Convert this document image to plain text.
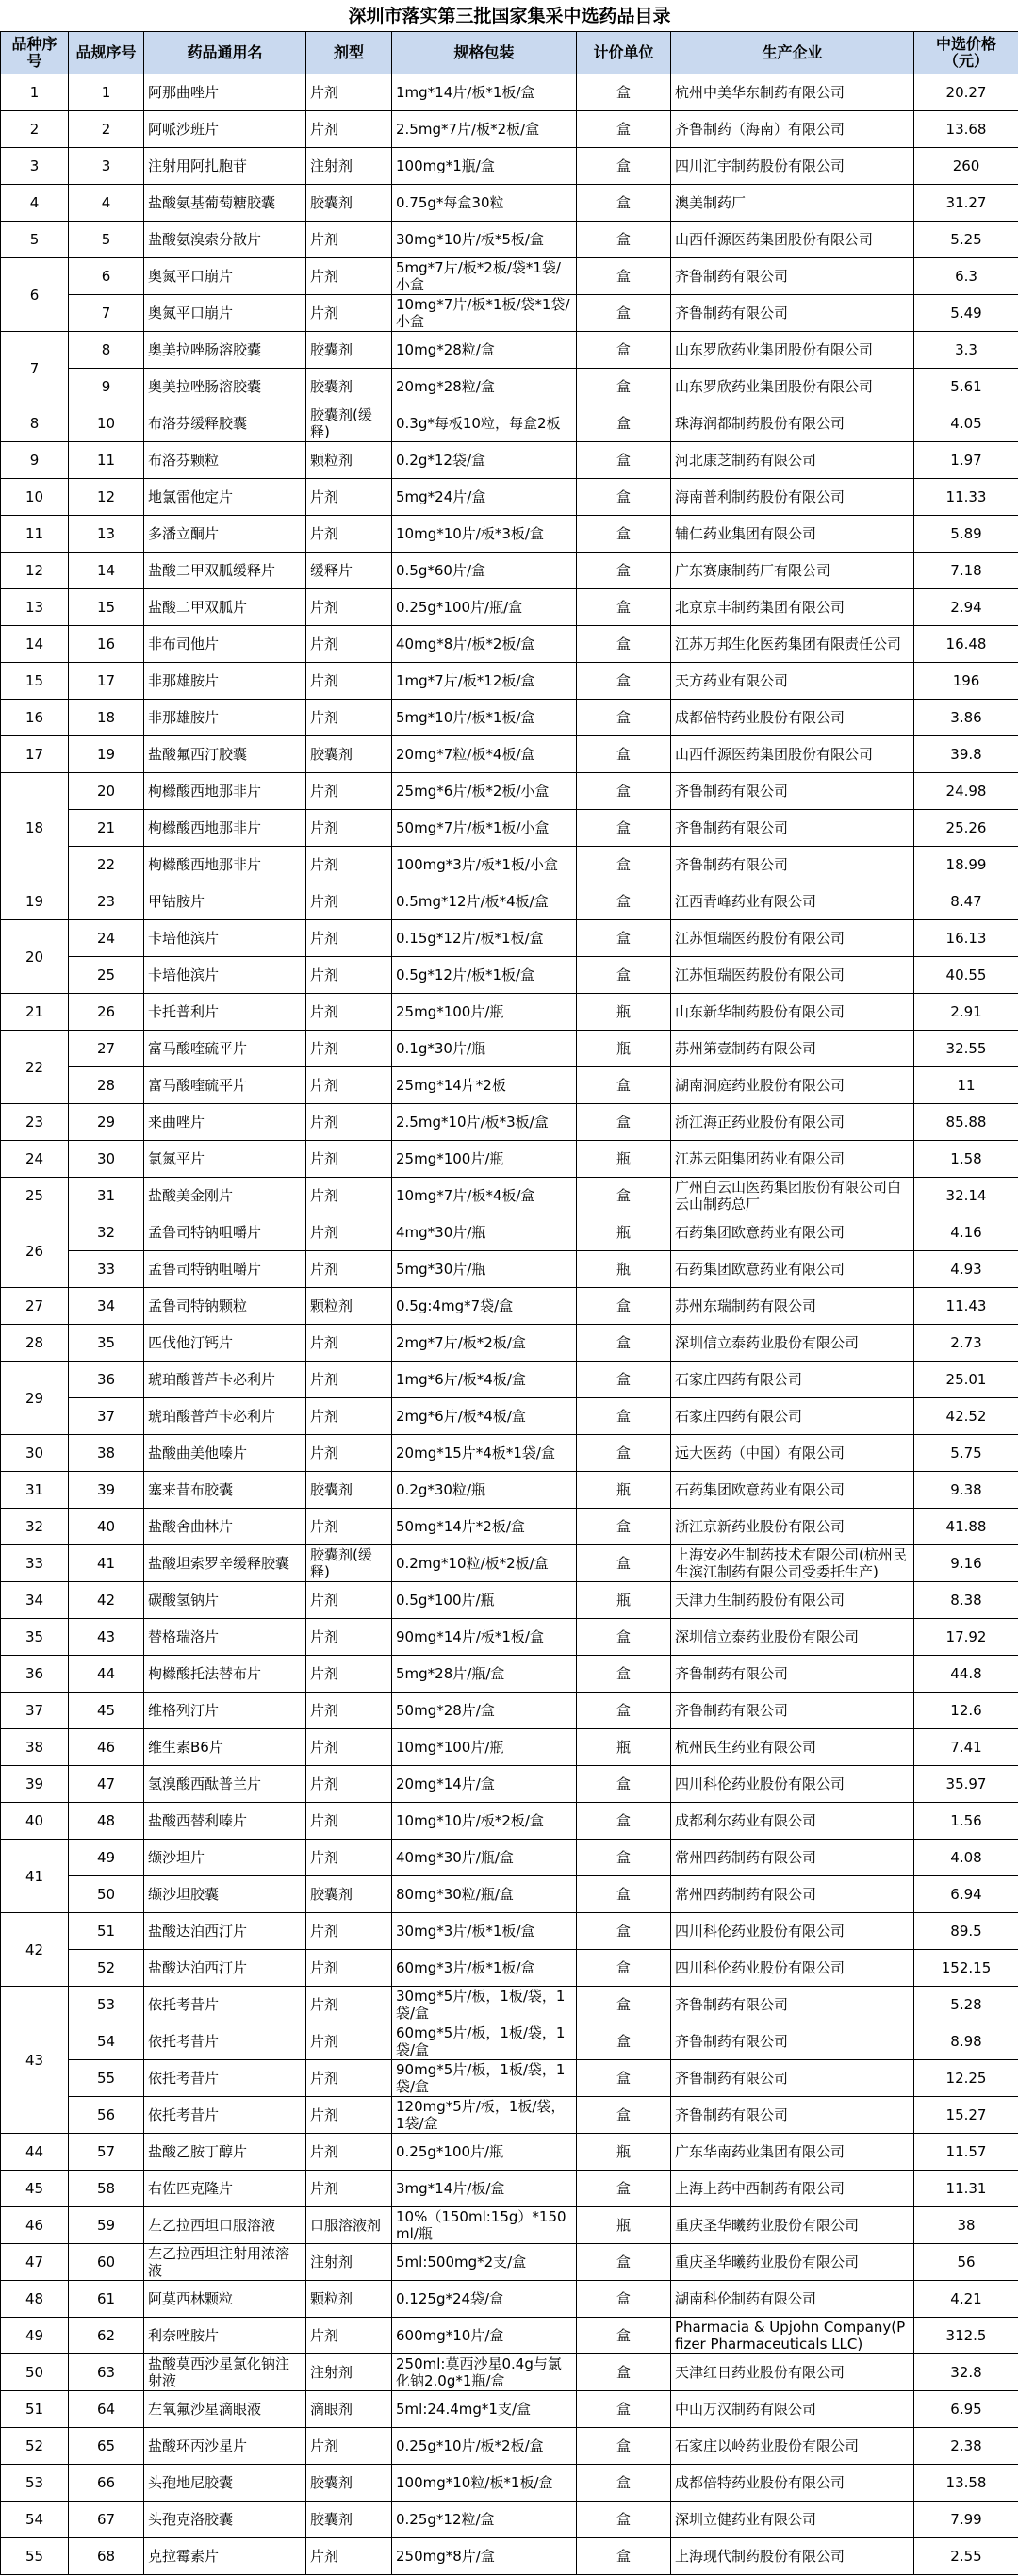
深圳市落实第三批国家集采中选药品目录							
品种序号	品规序号	药品通用名	剂型	规格包装	计价单位	生产企业	中选价格（元）
1	1	阿那曲唑片	片剂	1mg*14片/板*1板/盒	盒	杭州中美华东制药有限公司	20.27
2	2	阿哌沙班片	片剂	2.5mg*7片/板*2板/盒	盒	齐鲁制药（海南）有限公司	13.68
3	3	注射用阿扎胞苷	注射剂	100mg*1瓶/盒	盒	四川汇宇制药股份有限公司	260
4	4	盐酸氨基葡萄糖胶囊	胶囊剂	0.75g*每盒30粒	盒	澳美制药厂	31.27
5	5	盐酸氨溴索分散片	片剂	30mg*10片/板*5板/盒	盒	山西仟源医药集团股份有限公司	5.25
6	6	奥氮平口崩片	片剂	5mg*7片/板*2板/袋*1袋/小盒	盒	齐鲁制药有限公司	6.3
	7	奥氮平口崩片	片剂	10mg*7片/板*1板/袋*1袋/小盒	盒	齐鲁制药有限公司	5.49
7	8	奥美拉唑肠溶胶囊	胶囊剂	10mg*28粒/盒	盒	山东罗欣药业集团股份有限公司	3.3
	9	奥美拉唑肠溶胶囊	胶囊剂	20mg*28粒/盒	盒	山东罗欣药业集团股份有限公司	5.61
8	10	布洛芬缓释胶囊	胶囊剂(缓释)	0.3g*每板10粒，每盒2板	盒	珠海润都制药股份有限公司	4.05
9	11	布洛芬颗粒	颗粒剂	0.2g*12袋/盒	盒	河北康芝制药有限公司	1.97
10	12	地氯雷他定片	片剂	5mg*24片/盒	盒	海南普利制药股份有限公司	11.33
11	13	多潘立酮片	片剂	10mg*10片/板*3板/盒	盒	辅仁药业集团有限公司	5.89
12	14	盐酸二甲双胍缓释片	缓释片	0.5g*60片/盒	盒	广东赛康制药厂有限公司	7.18
13	15	盐酸二甲双胍片	片剂	0.25g*100片/瓶/盒	盒	北京京丰制药集团有限公司	2.94
14	16	非布司他片	片剂	40mg*8片/板*2板/盒	盒	江苏万邦生化医药集团有限责任公司	16.48
15	17	非那雄胺片	片剂	1mg*7片/板*12板/盒	盒	天方药业有限公司	196
16	18	非那雄胺片	片剂	5mg*10片/板*1板/盒	盒	成都倍特药业股份有限公司	3.86
17	19	盐酸氟西汀胶囊	胶囊剂	20mg*7粒/板*4板/盒	盒	山西仟源医药集团股份有限公司	39.8
18	20	枸橼酸西地那非片	片剂	25mg*6片/板*2板/小盒	盒	齐鲁制药有限公司	24.98
	21	枸橼酸西地那非片	片剂	50mg*7片/板*1板/小盒	盒	齐鲁制药有限公司	25.26
	22	枸橼酸西地那非片	片剂	100mg*3片/板*1板/小盒	盒	齐鲁制药有限公司	18.99
19	23	甲钴胺片	片剂	0.5mg*12片/板*4板/盒	盒	江西青峰药业有限公司	8.47
20	24	卡培他滨片	片剂	0.15g*12片/板*1板/盒	盒	江苏恒瑞医药股份有限公司	16.13
	25	卡培他滨片	片剂	0.5g*12片/板*1板/盒	盒	江苏恒瑞医药股份有限公司	40.55
21	26	卡托普利片	片剂	25mg*100片/瓶	瓶	山东新华制药股份有限公司	2.91
22	27	富马酸喹硫平片	片剂	0.1g*30片/瓶	瓶	苏州第壹制药有限公司	32.55
	28	富马酸喹硫平片	片剂	25mg*14片*2板	盒	湖南洞庭药业股份有限公司	11
23	29	来曲唑片	片剂	2.5mg*10片/板*3板/盒	盒	浙江海正药业股份有限公司	85.88
24	30	氯氮平片	片剂	25mg*100片/瓶	瓶	江苏云阳集团药业有限公司	1.58
25	31	盐酸美金刚片	片剂	10mg*7片/板*4板/盒	盒	广州白云山医药集团股份有限公司白云山制药总厂	32.14
26	32	孟鲁司特钠咀嚼片	片剂	4mg*30片/瓶	瓶	石药集团欧意药业有限公司	4.16
	33	孟鲁司特钠咀嚼片	片剂	5mg*30片/瓶	瓶	石药集团欧意药业有限公司	4.93
27	34	孟鲁司特钠颗粒	颗粒剂	0.5g:4mg*7袋/盒	盒	苏州东瑞制药有限公司	11.43
28	35	匹伐他汀钙片	片剂	2mg*7片/板*2板/盒	盒	深圳信立泰药业股份有限公司	2.73
29	36	琥珀酸普芦卡必利片	片剂	1mg*6片/板*4板/盒	盒	石家庄四药有限公司	25.01
	37	琥珀酸普芦卡必利片	片剂	2mg*6片/板*4板/盒	盒	石家庄四药有限公司	42.52
30	38	盐酸曲美他嗪片	片剂	20mg*15片*4板*1袋/盒	盒	远大医药（中国）有限公司	5.75
31	39	塞来昔布胶囊	胶囊剂	0.2g*30粒/瓶	瓶	石药集团欧意药业有限公司	9.38
32	40	盐酸舍曲林片	片剂	50mg*14片*2板/盒	盒	浙江京新药业股份有限公司	41.88
33	41	盐酸坦索罗辛缓释胶囊	胶囊剂(缓释)	0.2mg*10粒/板*2板/盒	盒	上海安必生制药技术有限公司(杭州民生滨江制药有限公司受委托生产)	9.16
34	42	碳酸氢钠片	片剂	0.5g*100片/瓶	瓶	天津力生制药股份有限公司	8.38
35	43	替格瑞洛片	片剂	90mg*14片/板*1板/盒	盒	深圳信立泰药业股份有限公司	17.92
36	44	枸橼酸托法替布片	片剂	5mg*28片/瓶/盒	盒	齐鲁制药有限公司	44.8
37	45	维格列汀片	片剂	50mg*28片/盒	盒	齐鲁制药有限公司	12.6
38	46	维生素B6片	片剂	10mg*100片/瓶	瓶	杭州民生药业有限公司	7.41
39	47	氢溴酸西酞普兰片	片剂	20mg*14片/盒	盒	四川科伦药业股份有限公司	35.97
40	48	盐酸西替利嗪片	片剂	10mg*10片/板*2板/盒	盒	成都利尔药业有限公司	1.56
41	49	缬沙坦片	片剂	40mg*30片/瓶/盒	盒	常州四药制药有限公司	4.08
	50	缬沙坦胶囊	胶囊剂	80mg*30粒/瓶/盒	盒	常州四药制药有限公司	6.94
42	51	盐酸达泊西汀片	片剂	30mg*3片/板*1板/盒	盒	四川科伦药业股份有限公司	89.5
	52	盐酸达泊西汀片	片剂	60mg*3片/板*1板/盒	盒	四川科伦药业股份有限公司	152.15
43	53	依托考昔片	片剂	30mg*5片/板，1板/袋，1袋/盒	盒	齐鲁制药有限公司	5.28
	54	依托考昔片	片剂	60mg*5片/板，1板/袋，1袋/盒	盒	齐鲁制药有限公司	8.98
	55	依托考昔片	片剂	90mg*5片/板，1板/袋，1袋/盒	盒	齐鲁制药有限公司	12.25
	56	依托考昔片	片剂	120mg*5片/板，1板/袋，1袋/盒	盒	齐鲁制药有限公司	15.27
44	57	盐酸乙胺丁醇片	片剂	0.25g*100片/瓶	瓶	广东华南药业集团有限公司	11.57
45	58	右佐匹克隆片	片剂	3mg*14片/板/盒	盒	上海上药中西制药有限公司	11.31
46	59	左乙拉西坦口服溶液	口服溶液剂	10%（150ml:15g）*150ml/瓶	瓶	重庆圣华曦药业股份有限公司	38
47	60	左乙拉西坦注射用浓溶液	注射剂	5ml:500mg*2支/盒	盒	重庆圣华曦药业股份有限公司	56
48	61	阿莫西林颗粒	颗粒剂	0.125g*24袋/盒	盒	湖南科伦制药有限公司	4.21
49	62	利奈唑胺片	片剂	600mg*10片/盒	盒	Pharmacia & Upjohn Company(Pfizer Pharmaceuticals LLC)	312.5
50	63	盐酸莫西沙星氯化钠注射液	注射剂	250ml:莫西沙星0.4g与氯化钠2.0g*1瓶/盒	盒	天津红日药业股份有限公司	32.8
51	64	左氧氟沙星滴眼液	滴眼剂	5ml:24.4mg*1支/盒	盒	中山万汉制药有限公司	6.95
52	65	盐酸环丙沙星片	片剂	0.25g*10片/板*2板/盒	盒	石家庄以岭药业股份有限公司	2.38
53	66	头孢地尼胶囊	胶囊剂	100mg*10粒/板*1板/盒	盒	成都倍特药业股份有限公司	13.58
54	67	头孢克洛胶囊	胶囊剂	0.25g*12粒/盒	盒	深圳立健药业有限公司	7.99
55	68	克拉霉素片	片剂	250mg*8片/盒	盒	上海现代制药股份有限公司	2.55
